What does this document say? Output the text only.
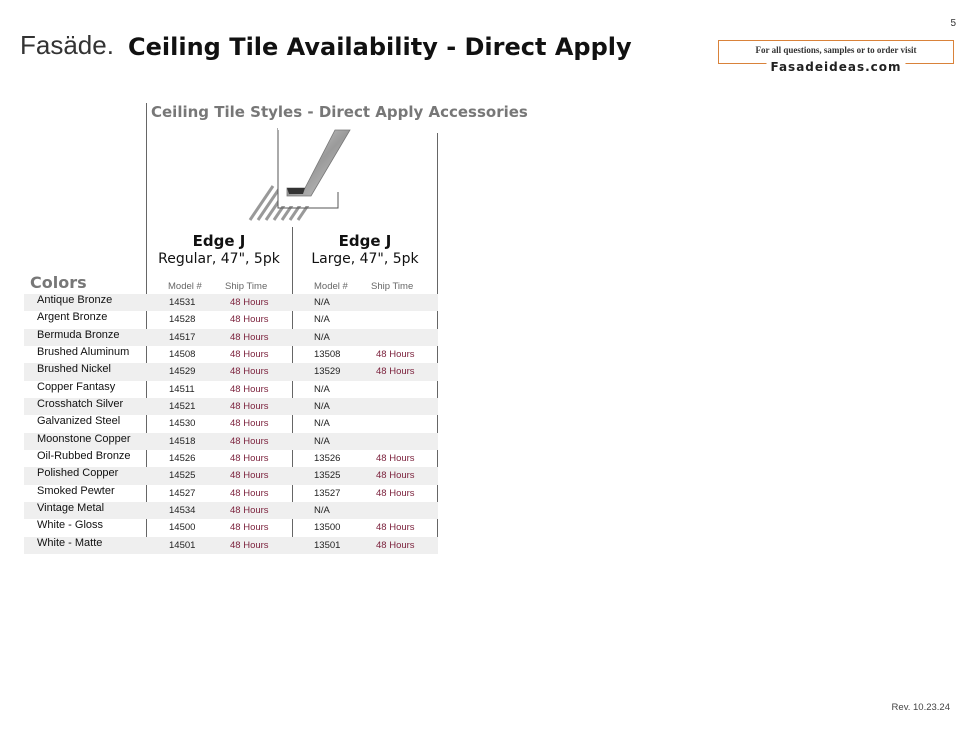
5
Fasäde. Ceiling Tile Availability - Direct Apply	For all questions, samples or to order visit
Fasadeideas.com
Ceiling Tile Styles - Direct Apply Accessories
Edge J
Regular, 47", 5pk
Edge J
Large, 47", 5pk
Colors	Model # Ship Time	Model # Ship Time
Antique Bronze	14531	48 Hours	N/A
Argent Bronze	14528	48 Hours	N/A
Bermuda Bronze	14517	48 Hours	N/A
Brushed Aluminum	14508	48 Hours	13508	48 Hours
Brushed Nickel	14529	48 Hours	13529	48 Hours
Copper Fantasy	14511	48 Hours	N/A
Crosshatch Silver	14521	48 Hours	N/A
Galvanized Steel	14530	48 Hours	N/A
Moonstone Copper	14518	48 Hours	N/A
Oil-Rubbed Bronze	14526	48 Hours	13526	48 Hours
Polished Copper	14525	48 Hours	13525	48 Hours
Smoked Pewter	14527	48 Hours	13527	48 Hours
Vintage Metal	14534	48 Hours	N/A
White - Gloss	14500	48 Hours	13500	48 Hours
White - Matte	14501	48 Hours	13501	48 Hours
Rev. 10.23.24
